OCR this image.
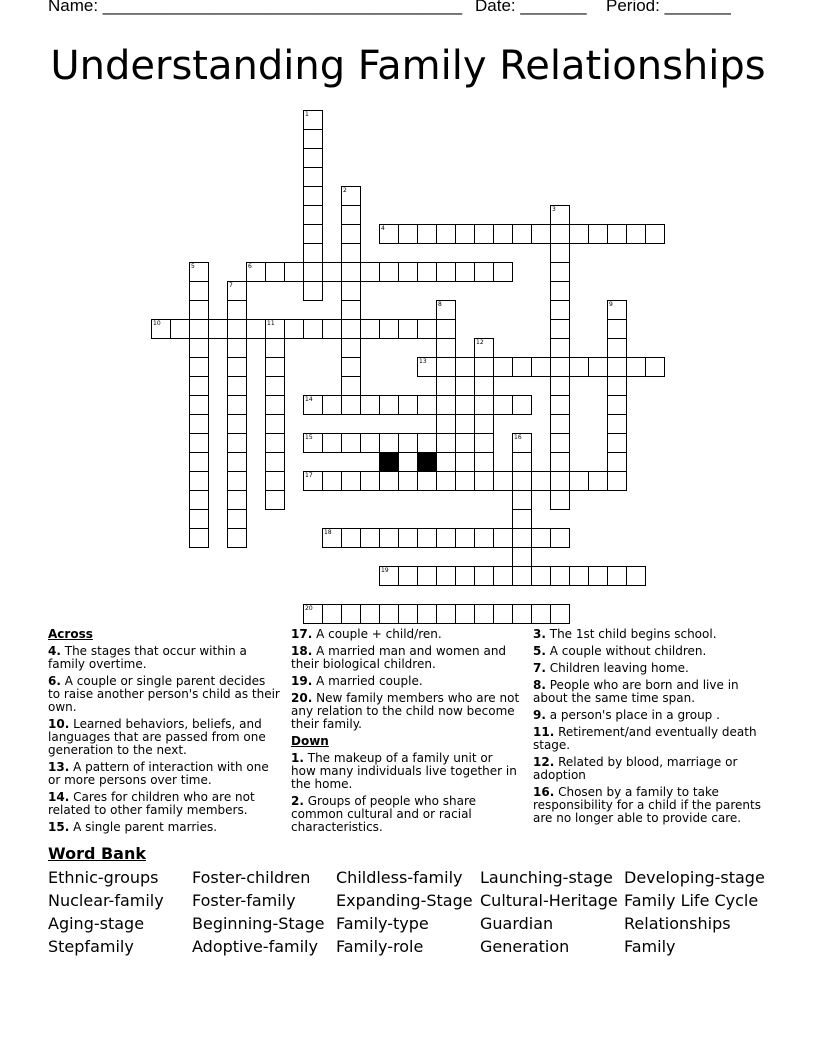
Name: ______________________________________ Date: _______ Period: _______
Understanding Family Relationships
1
2
3
4
5	6
7
8	9
10	11
12
13
14
15	16
17
18
19
20
Across
4. The stages that occur within a family overtime.
6. A couple or single parent decides to raise another person's child as their own.
10. Learned behaviors, beliefs, and languages that are passed from one generation to the next.
13. A pattern of interaction with one or more persons over time.
14. Cares for children who are not related to other family members.
15. A single parent marries.
17. A couple + child/ren.
18. A married man and women and their biological children.
19. A married couple.
20. New family members who are not any relation to the child now become their family.
Down
1. The makeup of a family unit or how many individuals live together in the home.
2. Groups of people who share common cultural and or racial characteristics.
3. The 1st child begins school.
5. A couple without children.
7. Children leaving home.
8. People who are born and live in about the same time span.
9. a person's place in a group .
11. Retirement/and eventually death stage.
12. Related by blood, marriage or adoption
16. Chosen by a family to take responsibility for a child if the parents are no longer able to provide care.
Word Bank
Ethnic-groups Foster-children Childless-family Launching-stage Developing-stage
Nuclear-family Foster-family	Expanding-Stage Cultural-Heritage Family Life Cycle
Aging-stage	Beginning-Stage Family-type	Guardian	Relationships
Stepfamily	Adoptive-family Family-role	Generation	Family
